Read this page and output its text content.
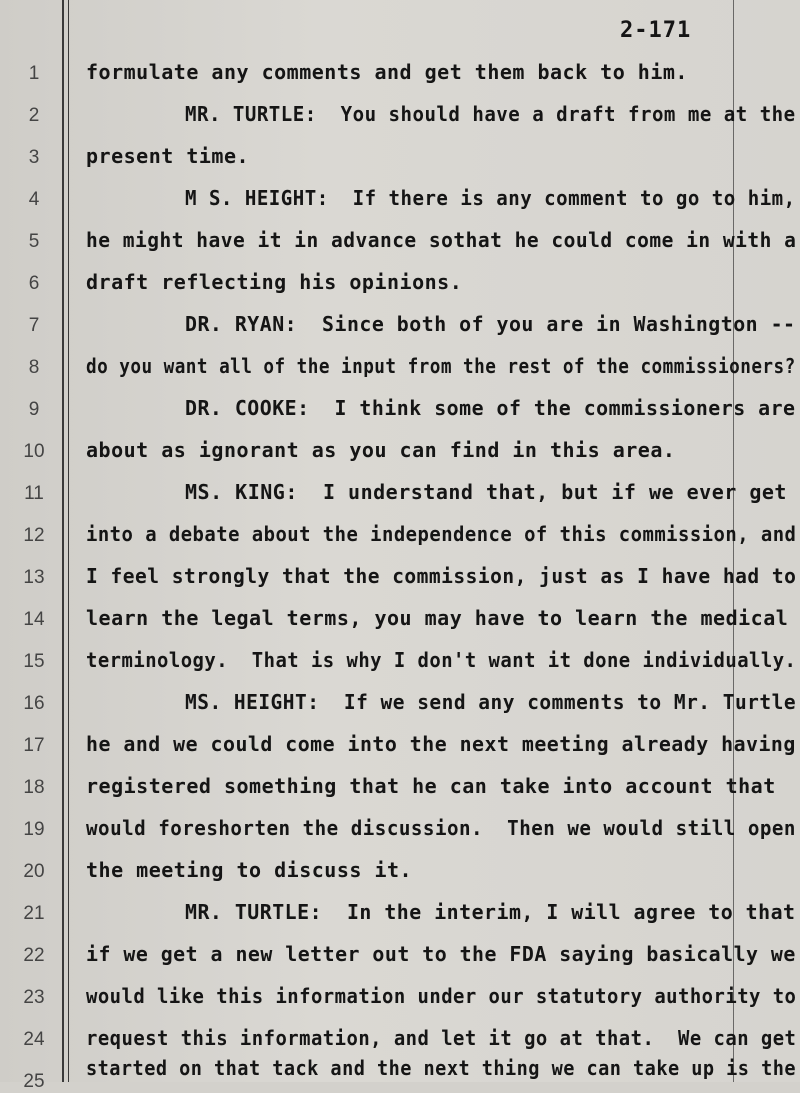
2-171
1
2
3
4
5
6
7
8
9
10
11
12
13
14
15
16
17
18
19
20
21
22
23
24
25
formulate any comments and get them back to him.
MR. TURTLE:  You should have a draft from me at the
present time.
M S. HEIGHT:  If there is any comment to go to him,
he might have it in advance sothat he could come in with a
draft reflecting his opinions.
DR. RYAN:  Since both of you are in Washington --
do you want all of the input from the rest of the commissioners?
DR. COOKE:  I think some of the commissioners are
about as ignorant as you can find in this area.
MS. KING:  I understand that, but if we ever get
into a debate about the independence of this commission, and
I feel strongly that the commission, just as I have had to
learn the legal terms, you may have to learn the medical
terminology.  That is why I don't want it done individually.
MS. HEIGHT:  If we send any comments to Mr. Turtle
he and we could come into the next meeting already having
registered something that he can take into account that
would foreshorten the discussion.  Then we would still open
the meeting to discuss it.
MR. TURTLE:  In the interim, I will agree to that
if we get a new letter out to the FDA saying basically we
would like this information under our statutory authority to
request this information, and let it go at that.  We can get
started on that tack and the next thing we can take up is the
